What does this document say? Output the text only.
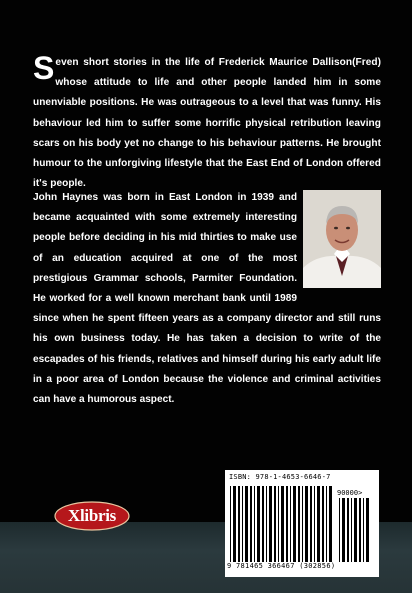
Seven short stories in the life of Frederick Maurice Dallison(Fred) whose attitude to life and other people landed him in some unenviable positions. He was outrageous to a level that was funny. His behaviour led him to suffer some horrific physical retribution leaving scars on his body yet no change to his behaviour patterns. He brought humour to the unforgiving lifestyle that the East End of London offered it's people.

John Haynes was born in East London in 1939 and became acquainted with some extremely interesting people before deciding in his mid thirties to make use of an education acquired at one of the most prestigious Grammar schools, Parmiter Foundation. He worked for a well known merchant bank until 1989 since when he spent fifteen years as a company director and still runs his own business today. He has taken a decision to write of the escapades of his friends, relatives and himself during his early adult life in a poor area of London because the violence and criminal activities can have a humorous aspect.
Xlibris
ISBN: 978-1-4653-6646-7
90000>
9 781465 366467 (302856)
